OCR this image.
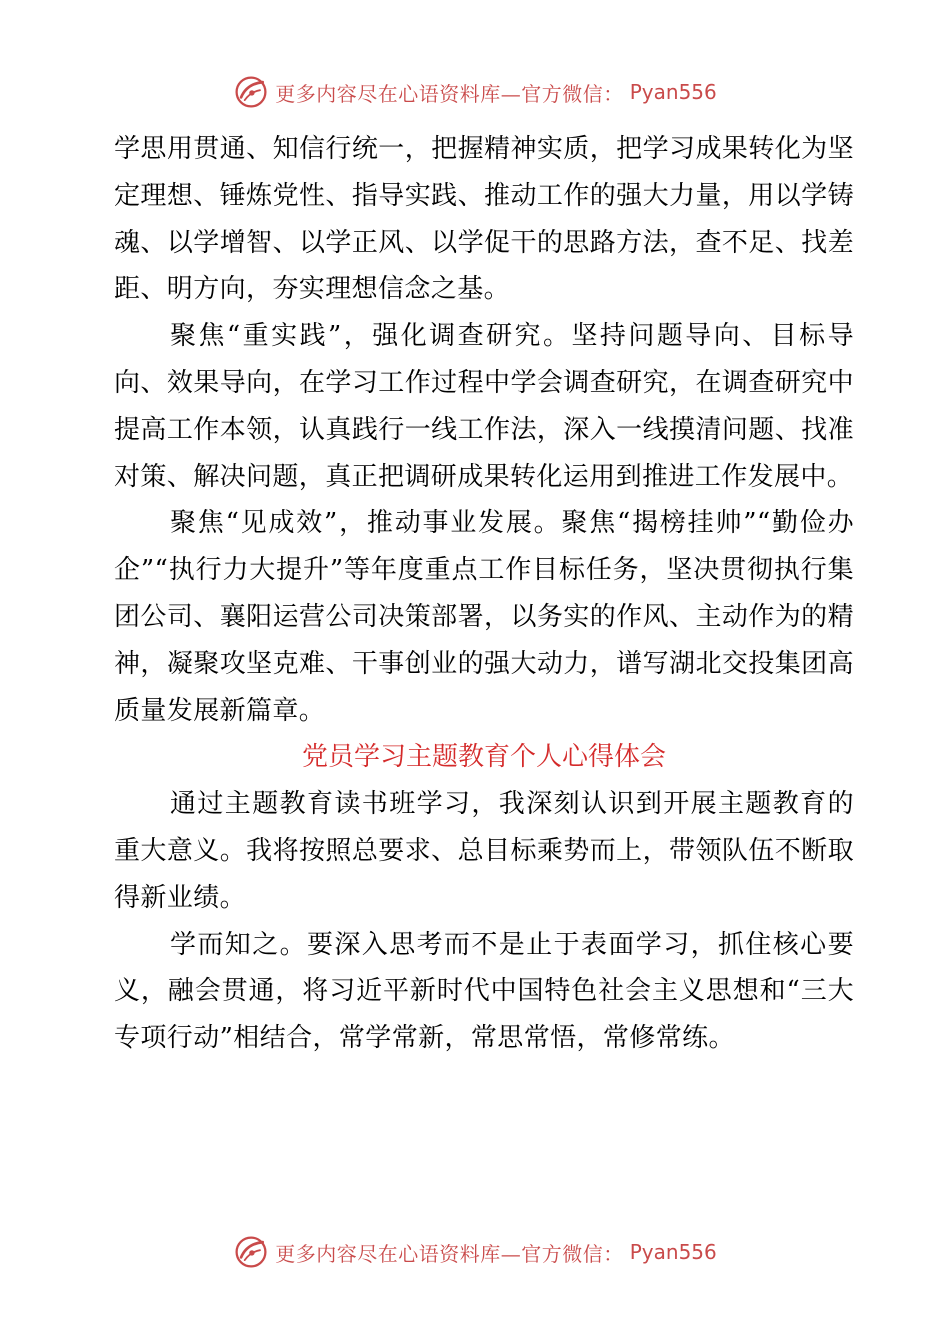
更多内容尽在心语资料库—官方微信： Pyan556

学思用贯通、知信行统一，把握精神实质，把学习成果转化为坚定理想、锤炼党性、指导实践、推动工作的强大力量，用以学铸魂、以学增智、以学正风、以学促干的思路方法，查不足、找差距、明方向，夯实理想信念之基。

聚焦“重实践”，强化调查研究。坚持问题导向、目标导向、效果导向，在学习工作过程中学会调查研究，在调查研究中提高工作本领，认真践行一线工作法，深入一线摸清问题、找准对策、解决问题，真正把调研成果转化运用到推进工作发展中。

聚焦“见成效”，推动事业发展。聚焦“揭榜挂帅”“勤俭办企”“执行力大提升”等年度重点工作目标任务，坚决贯彻执行集团公司、襄阳运营公司决策部署，以务实的作风、主动作为的精神，凝聚攻坚克难、干事创业的强大动力，谱写湖北交投集团高质量发展新篇章。

党员学习主题教育个人心得体会

通过主题教育读书班学习，我深刻认识到开展主题教育的重大意义。我将按照总要求、总目标乘势而上，带领队伍不断取得新业绩。

学而知之。要深入思考而不是止于表面学习，抓住核心要义，融会贯通，将习近平新时代中国特色社会主义思想和“三大专项行动”相结合，常学常新，常思常悟，常修常练。

更多内容尽在心语资料库—官方微信： Pyan556
